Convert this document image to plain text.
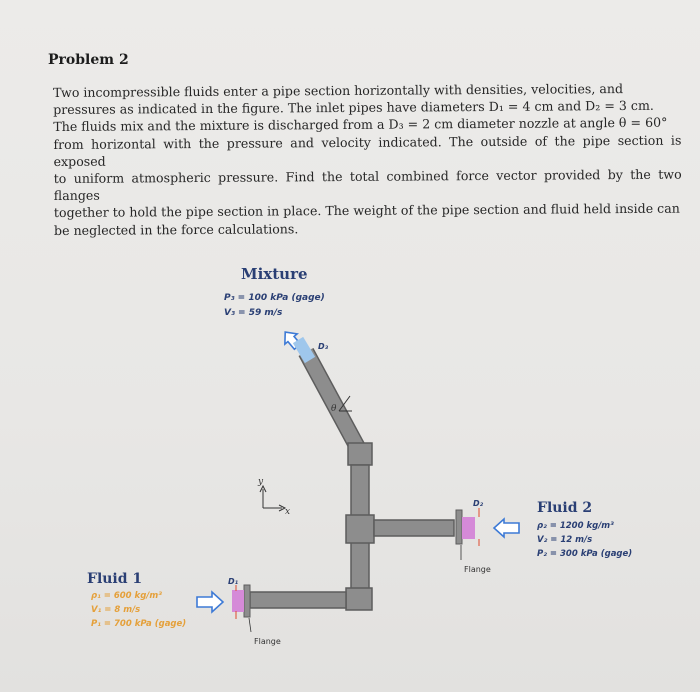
Problem 2
Two incompressible fluids enter a pipe section horizontally with densities, velocities, and
pressures as indicated in the figure. The inlet pipes have diameters D₁ = 4 cm and D₂ = 3 cm.
The fluids mix and the mixture is discharged from a D₃ = 2 cm diameter nozzle at angle θ = 60°
from horizontal with the pressure and velocity indicated. The outside of the pipe section is exposed
to uniform atmospheric pressure. Find the total combined force vector provided by the two flanges
together to hold the pipe section in place. The weight of the pipe section and fluid held inside can
be neglected in the force calculations.
Mixture
P₃ = 100 kPa (gage)
V₃ = 59 m/s
D₃
θ
D₂
Flange
D₁
Flange
y
x	Fluid 2
ρ₂ = 1200 kg/m³
V₂ = 12 m/s
P₂ = 300 kPa (gage)
Fluid 1
ρ₁ = 600 kg/m³
V₁ = 8 m/s
P₁ = 700 kPa (gage)
